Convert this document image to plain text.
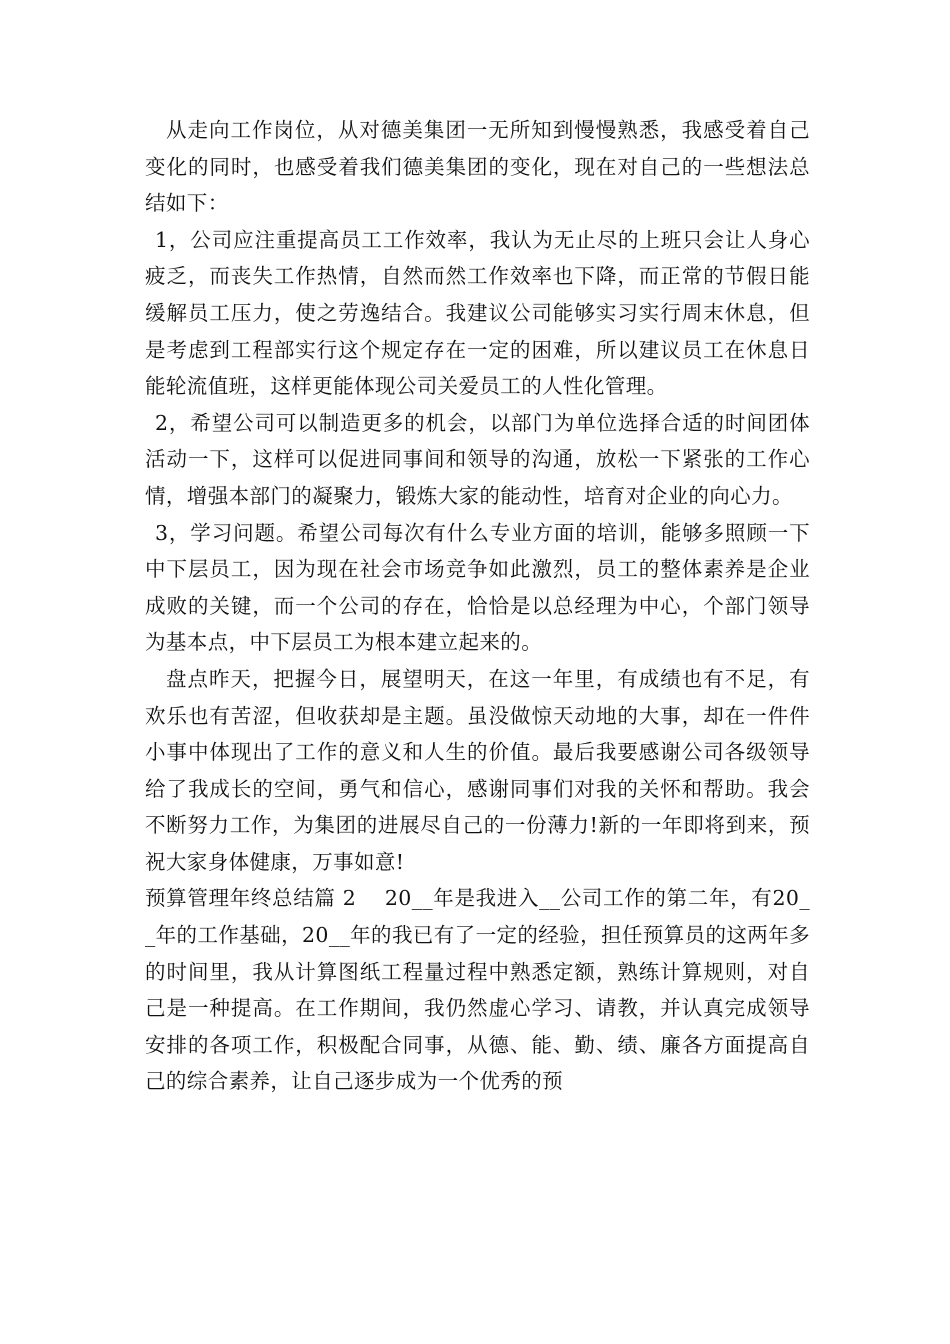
从走向工作岗位，从对德美集团一无所知到慢慢熟悉，我感受着自己变化的同时，也感受着我们德美集团的变化，现在对自己的一些想法总结如下：

1，公司应注重提高员工工作效率，我认为无止尽的上班只会让人身心疲乏，而丧失工作热情，自然而然工作效率也下降，而正常的节假日能缓解员工压力，使之劳逸结合。我建议公司能够实习实行周末休息，但是考虑到工程部实行这个规定存在一定的困难，所以建议员工在休息日能轮流值班，这样更能体现公司关爱员工的人性化管理。

2，希望公司可以制造更多的机会，以部门为单位选择合适的时间团体活动一下，这样可以促进同事间和领导的沟通，放松一下紧张的工作心情，增强本部门的凝聚力，锻炼大家的能动性，培育对企业的向心力。

3，学习问题。希望公司每次有什么专业方面的培训，能够多照顾一下中下层员工，因为现在社会市场竞争如此激烈，员工的整体素养是企业成败的关键，而一个公司的存在，恰恰是以总经理为中心，个部门领导为基本点，中下层员工为根本建立起来的。

盘点昨天，把握今日，展望明天，在这一年里，有成绩也有不足，有欢乐也有苦涩，但收获却是主题。虽没做惊天动地的大事，却在一件件小事中体现出了工作的意义和人生的价值。最后我要感谢公司各级领导给了我成长的空间，勇气和信心，感谢同事们对我的关怀和帮助。我会不断努力工作，为集团的进展尽自己的一份薄力!新的一年即将到来，预祝大家身体健康，万事如意!

预算管理年终总结篇 2　 20__年是我进入__公司工作的第二年，有20__年的工作基础，20__年的我已有了一定的经验，担任预算员的这两年多的时间里，我从计算图纸工程量过程中熟悉定额，熟练计算规则，对自己是一种提高。在工作期间，我仍然虚心学习、请教，并认真完成领导安排的各项工作，积极配合同事，从德、能、勤、绩、廉各方面提高自己的综合素养，让自己逐步成为一个优秀的预
